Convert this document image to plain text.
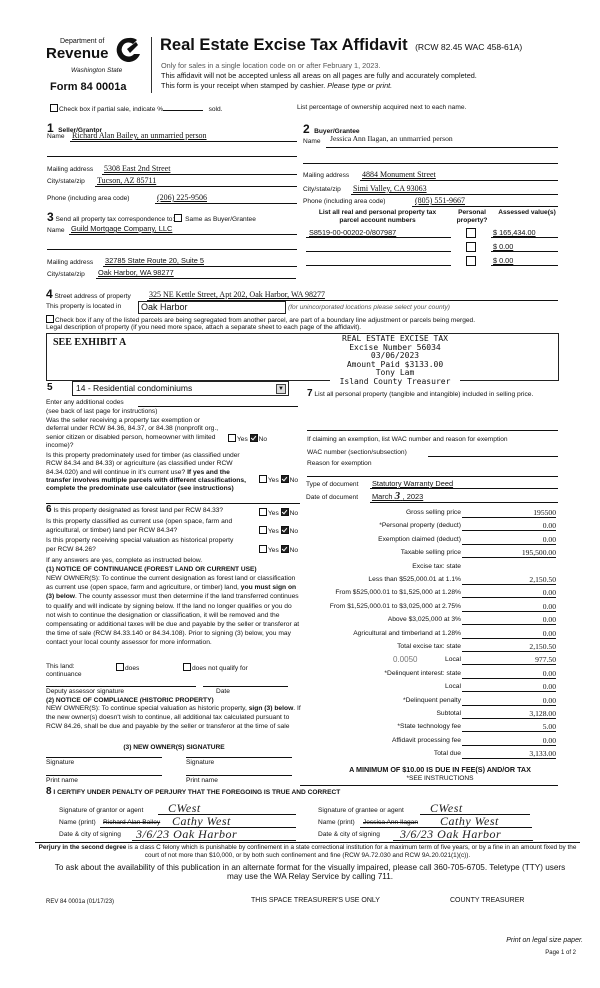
Department of
Revenue
Washington State
Form 84 0001a
Real Estate Excise Tax Affidavit (RCW 82.45 WAC 458-61A)
Only for sales in a single location code on or after February 1, 2023.
This affidavit will not be accepted unless all areas on all pages are fully and accurately completed.
This form is your receipt when stamped by cashier. Please type or print.
Check box if partial sale, indicate %	sold.	List percentage of ownership acquired next to each name.
1 Seller/Grantor
Name Richard Alan Bailey, an unmarried person
Mailing address 5308 East 2nd Street
City/state/zip Tucson, AZ 85711
Phone (including area code)	(206) 225-9506
2 Buyer/Grantee
Name Jessica Ann Ilagan, an unmarried person
Mailing address 4884 Monument Street
City/state/zip Simi Valley, CA 93063
Phone (including area code)	(805) 551-9667
3 Send all property tax correspondence to: Same as Buyer/Grantee
Name Guild Mortgage Company, LLC
Mailing address 32785 State Route 20, Suite 5
City/state/zip Oak Harbor, WA 98277
List all real and personal property tax parcel account numbers
Personal property?
Assessed value(s)
S8519-00-00202-0/807987	$ 165,434.00
$ 0.00
$ 0.00
4 Street address of property 325 NE Kettle Street, Apt 202, Oak Harbor, WA 98277
This property is located in	Oak Harbor	(for unincorporated locations please select your county)
Check box if any of the listed parcels are being segregated from another parcel, are part of a boundary line adjustment or parcels being merged.
Legal description of property (if you need more space, attach a separate sheet to each page of the affidavit).
SEE EXHIBIT A	REAL ESTATE EXCISE TAX
Excise Number 56034
03/06/2023
Amount Paid $3133.00
Tony Lam
Island County Treasurer
5	14 - Residential condominiums	▼
Enter any additional codes
(see back of last page for instructions)
Was the seller receiving a property tax exemption or deferral under RCW 84.36, 84.37, or 84.38 (nonprofit org., senior citizen or disabled person, homeowner with limited income)?
Yes No
Is this property predominately used for timber (as classified under RCW 84.34 and 84.33) or agriculture (as classified under RCW 84.34.020) and will continue in it's current use? If yes and the transfer involves multiple parcels with different classifications, complete the predominate use calculator (see instructions)
Yes No
7 List all personal property (tangible and intangible) included in selling price.
If claiming an exemption, list WAC number and reason for exemption
WAC number (section/subsection)
Reason for exemption
Type of document Statutory Warranty Deed
Date of document March 3 , 2023
6 Is this property designated as forest land per RCW 84.33?	Yes No
Is this property classified as current use (open space, farm and agricultural, or timber) land per RCW 84.34?	Yes No
Is this property receiving special valuation as historical property per RCW 84.26?	Yes No
If any answers are yes, complete as instructed below.
(1) NOTICE OF CONTINUANCE (FOREST LAND OR CURRENT USE)
NEW OWNER(S): To continue the current designation as forest land or classification as current use (open space, farm and agriculture, or timber) land, you must sign on (3) below. The county assessor must then determine if the land transferred continues to qualify and will indicate by signing below. If the land no longer qualifies or you do not wish to continue the designation or classification, it will be removed and the compensating or additional taxes will be due and payable by the seller or transferor at the time of sale (RCW 84.33.140 or 84.34.108). Prior to signing (3) below, you may contact your local county assessor for more information.
This land:	does	does not qualify for
continuance
Deputy assessor signature	Date
(2) NOTICE OF COMPLIANCE (HISTORIC PROPERTY)
NEW OWNER(S): To continue special valuation as historic property, sign (3) below. If the new owner(s) doesn't wish to continue, all additional tax calculated pursuant to RCW 84.26, shall be due and payable by the seller or transferor at the time of sale
(3) NEW OWNER(S) SIGNATURE
Signature	Signature
Print name	Print name
Gross selling price	195500
*Personal property (deduct)	0.00
Exemption claimed (deduct)	0.00
Taxable selling price	195,500.00
Excise tax: state
Less than $525,000.01 at 1.1%	2,150.50
From $525,000.01 to $1,525,000 at 1.28%	0.00
From $1,525,000.01 to $3,025,000 at 2.75%	0.00
Above $3,025,000 at 3%	0.00
Agricultural and timberland at 1.28%	0.00
Total excise tax: state	2,150.50
Local	977.50
0.0050
*Delinquent interest: state	0.00
Local	0.00
*Delinquent penalty	0.00
Subtotal	3,128.00
*State technology fee	5.00
Affidavit processing fee	0.00
Total due	3,133.00
A MINIMUM OF $10.00 IS DUE IN FEE(S) AND/OR TAX
*SEE INSTRUCTIONS
8 I CERTIFY UNDER PENALTY OF PERJURY THAT THE FOREGOING IS TRUE AND CORRECT
Signature of grantor or agent CWest
Name (print) Richard Alan Bailey Cathy West
Date & city of signing 3/6/23 Oak Harbor
Signature of grantee or agent CWest
Name (print) Jessica Ann Ilagan Cathy West
Date & city of signing 3/6/23 Oak Harbor
Perjury in the second degree is a class C felony which is punishable by confinement in a state correctional institution for a maximum term of five years, or by a fine in an amount fixed by the court of not more than $10,000, or by both such confinement and fine (RCW 9A.72.030 and RCW 9A.20.021(1)(c)).
To ask about the availability of this publication in an alternate format for the visually impaired, please call 360-705-6705. Teletype (TTY) users may use the WA Relay Service by calling 711.
REV 84 0001a (01/17/23)	THIS SPACE TREASURER'S USE ONLY	COUNTY TREASURER
Print on legal size paper.
Page 1 of 2
